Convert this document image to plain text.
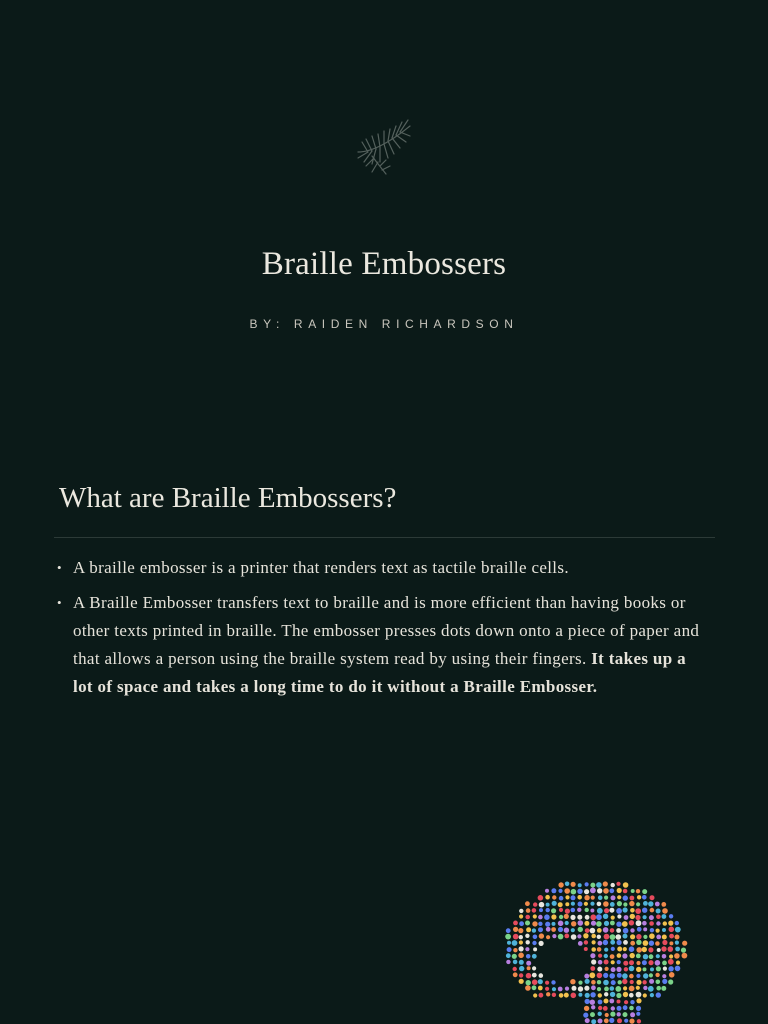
Braille Embossers
BY: RAIDEN RICHARDSON
What are Braille Embossers?
• A braille embosser is a printer that renders text as tactile braille cells.
• A Braille Embosser transfers text to braille and is more efficient than having books or other texts printed in braille. The embosser presses dots down onto a piece of paper and that allows a person using the braille system read by using their fingers. It takes up a lot of space and takes a long time to do it without a Braille Embosser.
